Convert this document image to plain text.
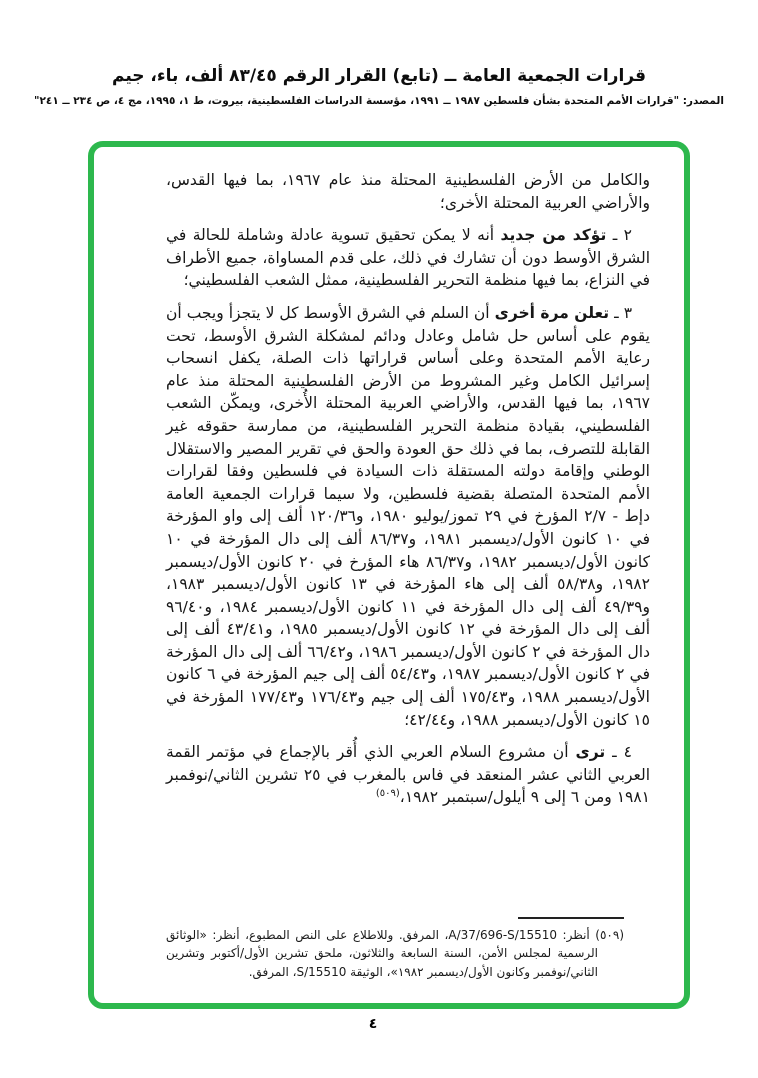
قرارات الجمعية العامة ــ (تابع) القرار الرقم ٨٣/٤٥ ألف، باء، جيم
المصدر: "قرارات الأمم المتحدة بشأن فلسطين ١٩٨٧ ــ ١٩٩١، مؤسسة الدراسات الفلسطينية، بيروت، ط ١، ١٩٩٥، مج ٤، ص ٢٣٤ ــ ٢٤١"

والكامل من الأرض الفلسطينية المحتلة منذ عام ١٩٦٧، بما فيها القدس، والأراضي العربية المحتلة الأخرى؛

٢ ـ تؤكد من جديد أنه لا يمكن تحقيق تسوية عادلة وشاملة للحالة في الشرق الأوسط دون أن تشارك في ذلك، على قدم المساواة، جميع الأطراف في النزاع، بما فيها منظمة التحرير الفلسطينية، ممثل الشعب الفلسطيني؛

٣ ـ تعلن مرة أخرى أن السلم في الشرق الأوسط كل لا يتجزأ ويجب أن يقوم على أساس حل شامل وعادل ودائم لمشكلة الشرق الأوسط، تحت رعاية الأمم المتحدة وعلى أساس قراراتها ذات الصلة، يكفل انسحاب إسرائيل الكامل وغير المشروط من الأرض الفلسطينية المحتلة منذ عام ١٩٦٧، بما فيها القدس، والأراضي العربية المحتلة الأُخرى، ويمكّن الشعب الفلسطيني، بقيادة منظمة التحرير الفلسطينية، من ممارسة حقوقه غير القابلة للتصرف، بما في ذلك حق العودة والحق في تقرير المصير والاستقلال الوطني وإقامة دولته المستقلة ذات السيادة في فلسطين وفقا لقرارات الأمم المتحدة المتصلة بقضية فلسطين، ولا سيما قرارات الجمعية العامة دإط - ٢/٧ المؤرخ في ٢٩ تموز/يوليو ١٩٨٠، و١٢٠/٣٦ ألف إلى واو المؤرخة في ١٠ كانون الأول/ديسمبر ١٩٨١، و٨٦/٣٧ ألف إلى دال المؤرخة في ١٠ كانون الأول/ديسمبر ١٩٨٢، و٨٦/٣٧ هاء المؤرخ في ٢٠ كانون الأول/ديسمبر ١٩٨٢، و٥٨/٣٨ ألف إلى هاء المؤرخة في ١٣ كانون الأول/ديسمبر ١٩٨٣، و٤٩/٣٩ ألف إلى دال المؤرخة في ١١ كانون الأول/ديسمبر ١٩٨٤، و٩٦/٤٠ ألف إلى دال المؤرخة في ١٢ كانون الأول/ديسمبر ١٩٨٥، و٤٣/٤١ ألف إلى دال المؤرخة في ٢ كانون الأول/ديسمبر ١٩٨٦، و٦٦/٤٢ ألف إلى دال المؤرخة في ٢ كانون الأول/ديسمبر ١٩٨٧، و٥٤/٤٣ ألف إلى جيم المؤرخة في ٦ كانون الأول/ديسمبر ١٩٨٨، و١٧٥/٤٣ ألف إلى جيم و١٧٦/٤٣ و١٧٧/٤٣ المؤرخة في ١٥ كانون الأول/ديسمبر ١٩٨٨، و٤٢/٤٤؛

٤ ـ ترى أن مشروع السلام العربي الذي أُقر بالإجماع في مؤتمر القمة العربي الثاني عشر المنعقد في فاس بالمغرب في ٢٥ تشرين الثاني/نوفمبر ١٩٨١ ومن ٦ إلى ٩ أيلول/سبتمبر ١٩٨٢،$^{(٥٠٩)}$

(٥٠٩) أنظر: A/37/696-S/15510، المرفق. وللاطلاع على النص المطبوع، أنظر: «الوثائق الرسمية لمجلس الأمن، السنة السابعة والثلاثون، ملحق تشرين الأول/أكتوبر وتشرين الثاني/نوفمبر وكانون الأول/ديسمبر ١٩٨٢»، الوثيقة S/15510، المرفق.

٤
